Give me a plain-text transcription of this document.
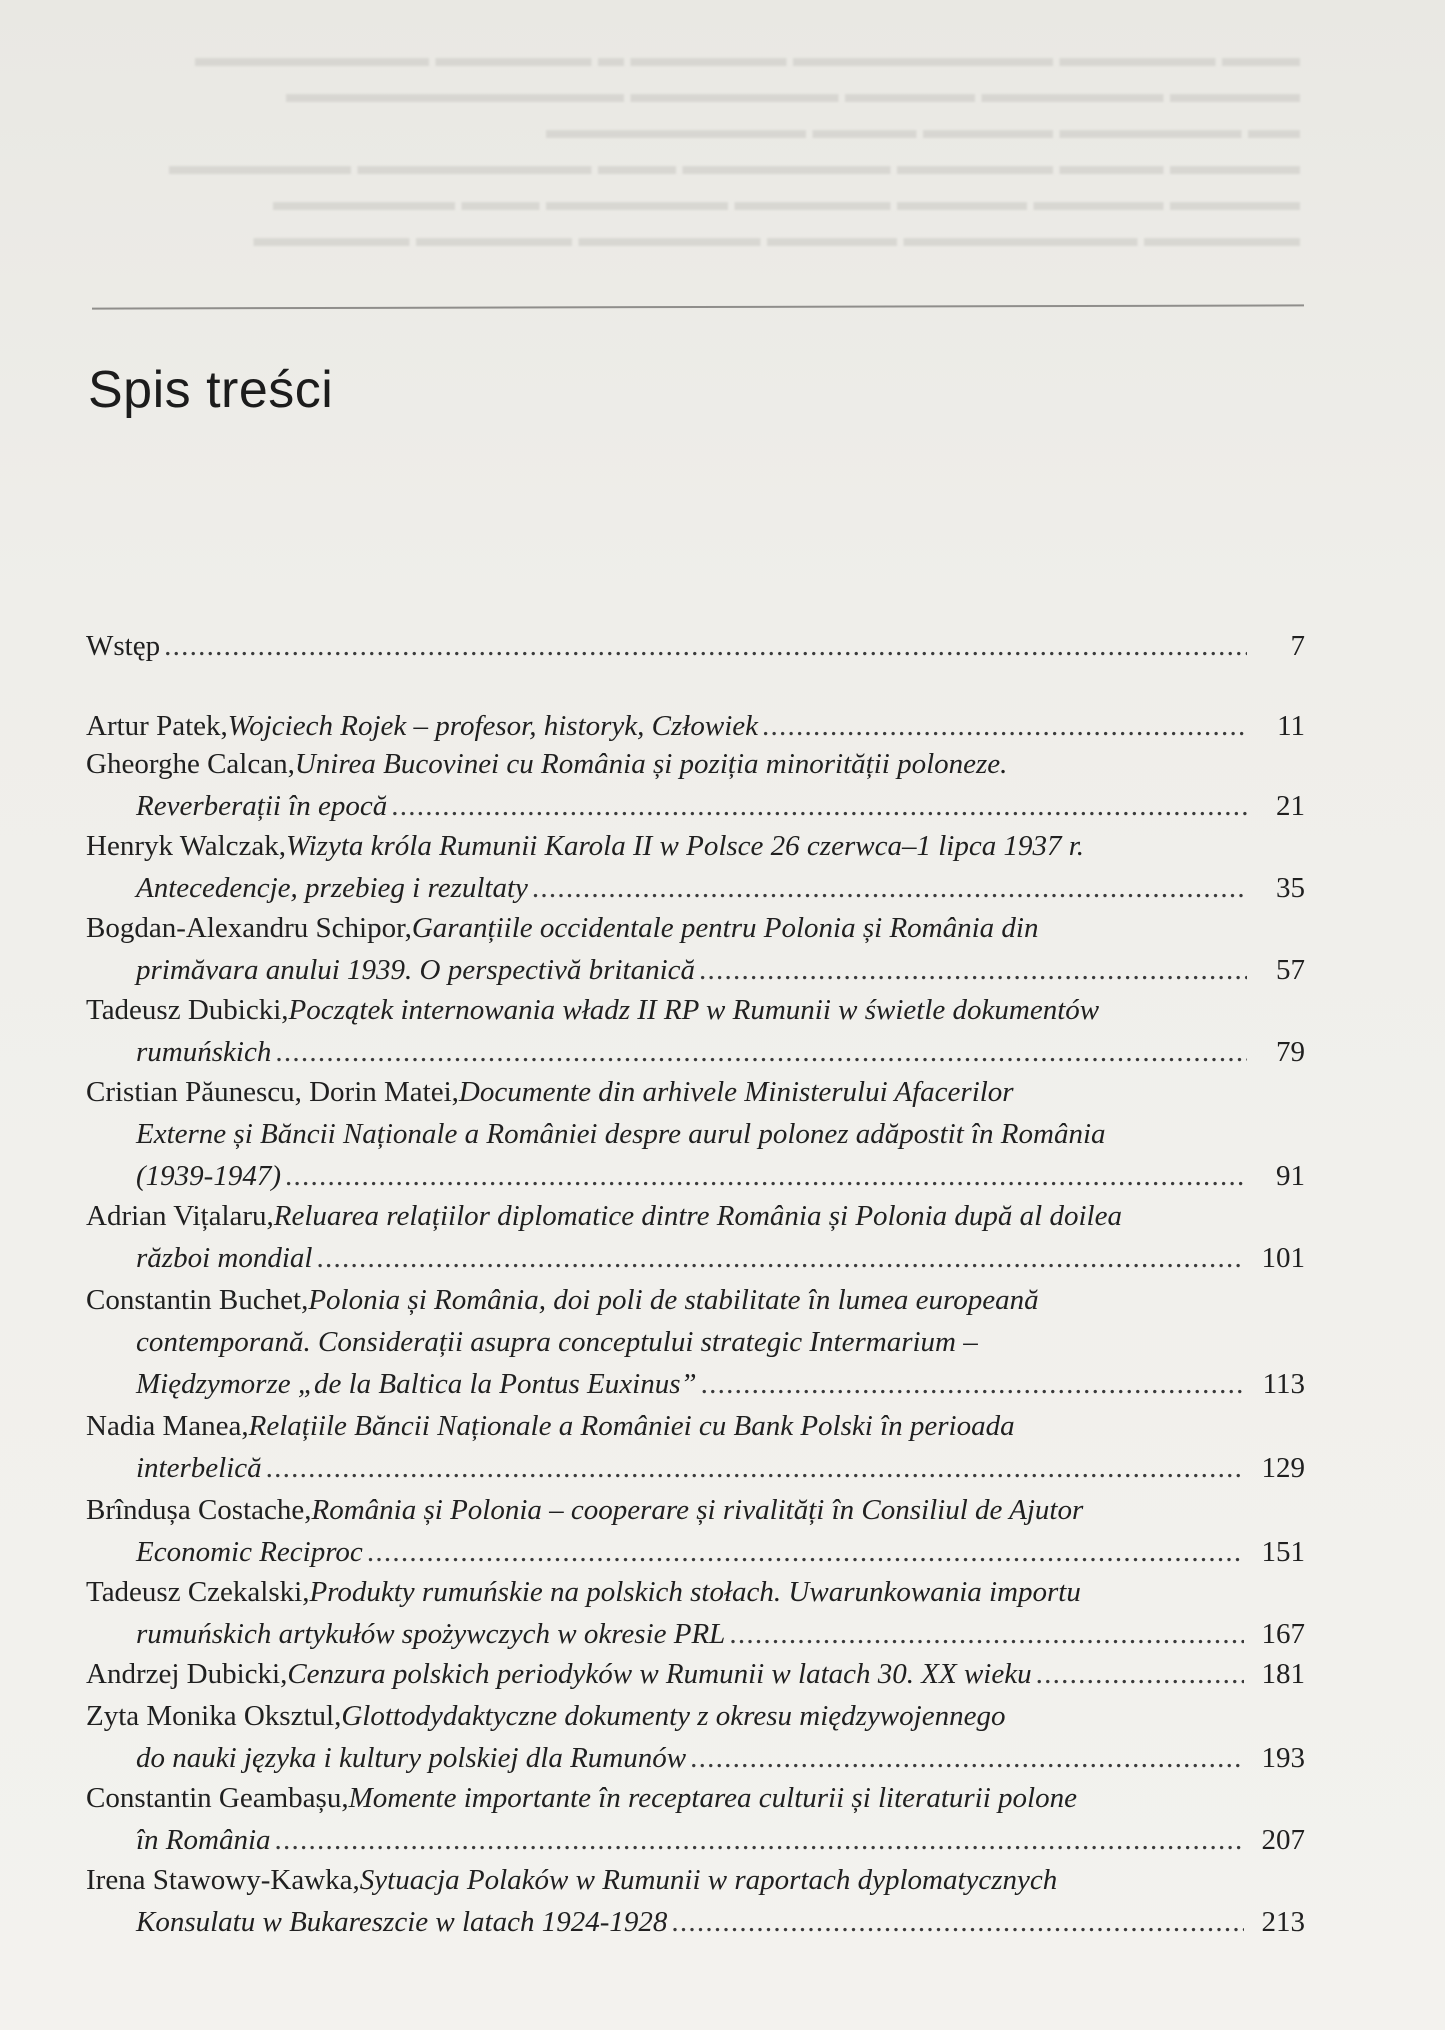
▬▬▬ ▬▬▬▬▬▬ ▬▬▬▬▬▬▬▬▬▬ ▬▬▬▬▬▬ ▬ ▬▬▬▬▬▬ ▬▬▬▬▬▬▬▬▬
▬▬▬▬▬ ▬▬▬▬▬▬▬ ▬▬▬▬▬ ▬▬▬▬▬▬▬▬ ▬▬▬▬▬▬▬▬▬▬▬▬▬
▬▬ ▬▬▬▬▬▬▬ ▬▬▬▬▬ ▬▬▬▬ ▬▬▬▬▬▬▬▬▬▬
▬▬▬▬▬ ▬▬▬▬ ▬▬▬▬▬▬ ▬▬▬▬▬▬▬▬ ▬▬▬ ▬▬▬▬▬▬▬▬▬ ▬▬▬▬▬▬▬
▬▬▬▬▬ ▬▬▬▬▬ ▬▬▬▬▬ ▬▬▬▬▬▬ ▬▬▬▬▬▬▬ ▬▬▬ ▬▬▬▬▬▬▬
▬▬▬▬▬▬ ▬▬▬▬▬▬▬▬▬ ▬▬▬▬▬ ▬▬▬▬▬▬▬ ▬▬▬▬▬▬ ▬▬▬▬▬▬
Spis treści
Wstęp . . .	7
Artur Patek, Wojciech Rojek – profesor, historyk, Człowiek . . .	11
Gheorghe Calcan, Unirea Bucovinei cu România și poziția minorității poloneze.
Reverberații în epocă . . .	21
Henryk Walczak, Wizyta króla Rumunii Karola II w Polsce 26 czerwca–1 lipca 1937 r.
Antecedencje, przebieg i rezultaty . . .	35
Bogdan-Alexandru Schipor, Garanțiile occidentale pentru Polonia și România din
primăvara anului 1939. O perspectivă britanică . . .	57
Tadeusz Dubicki, Początek internowania władz II RP w Rumunii w świetle dokumentów
rumuńskich . . .	79
Cristian Păunescu, Dorin Matei, Documente din arhivele Ministerului Afacerilor
Externe și Băncii Naționale a României despre aurul polonez adăpostit în România
(1939-1947) . . .	91
Adrian Vițalaru, Reluarea relațiilor diplomatice dintre România și Polonia după al doilea
război mondial . . .	101
Constantin Buchet, Polonia și România, doi poli de stabilitate în lumea europeană
contemporană. Considerații asupra conceptului strategic Intermarium –
Międzymorze „de la Baltica la Pontus Euxinus” . . .	113
Nadia Manea, Relațiile Băncii Naționale a României cu Bank Polski în perioada
interbelică . . .	129
Brîndușa Costache, România și Polonia – cooperare și rivalități în Consiliul de Ajutor
Economic Reciproc . . .	151
Tadeusz Czekalski, Produkty rumuńskie na polskich stołach. Uwarunkowania importu
rumuńskich artykułów spożywczych w okresie PRL . . .	167
Andrzej Dubicki, Cenzura polskich periodyków w Rumunii w latach 30. XX wieku . . .	181
Zyta Monika Oksztul, Glottodydaktyczne dokumenty z okresu międzywojennego
do nauki języka i kultury polskiej dla Rumunów . . .	193
Constantin Geambașu, Momente importante în receptarea culturii și literaturii polone
în România . . .	207
Irena Stawowy-Kawka, Sytuacja Polaków w Rumunii w raportach dyplomatycznych
Konsulatu w Bukareszcie w latach 1924-1928 . . .	213
